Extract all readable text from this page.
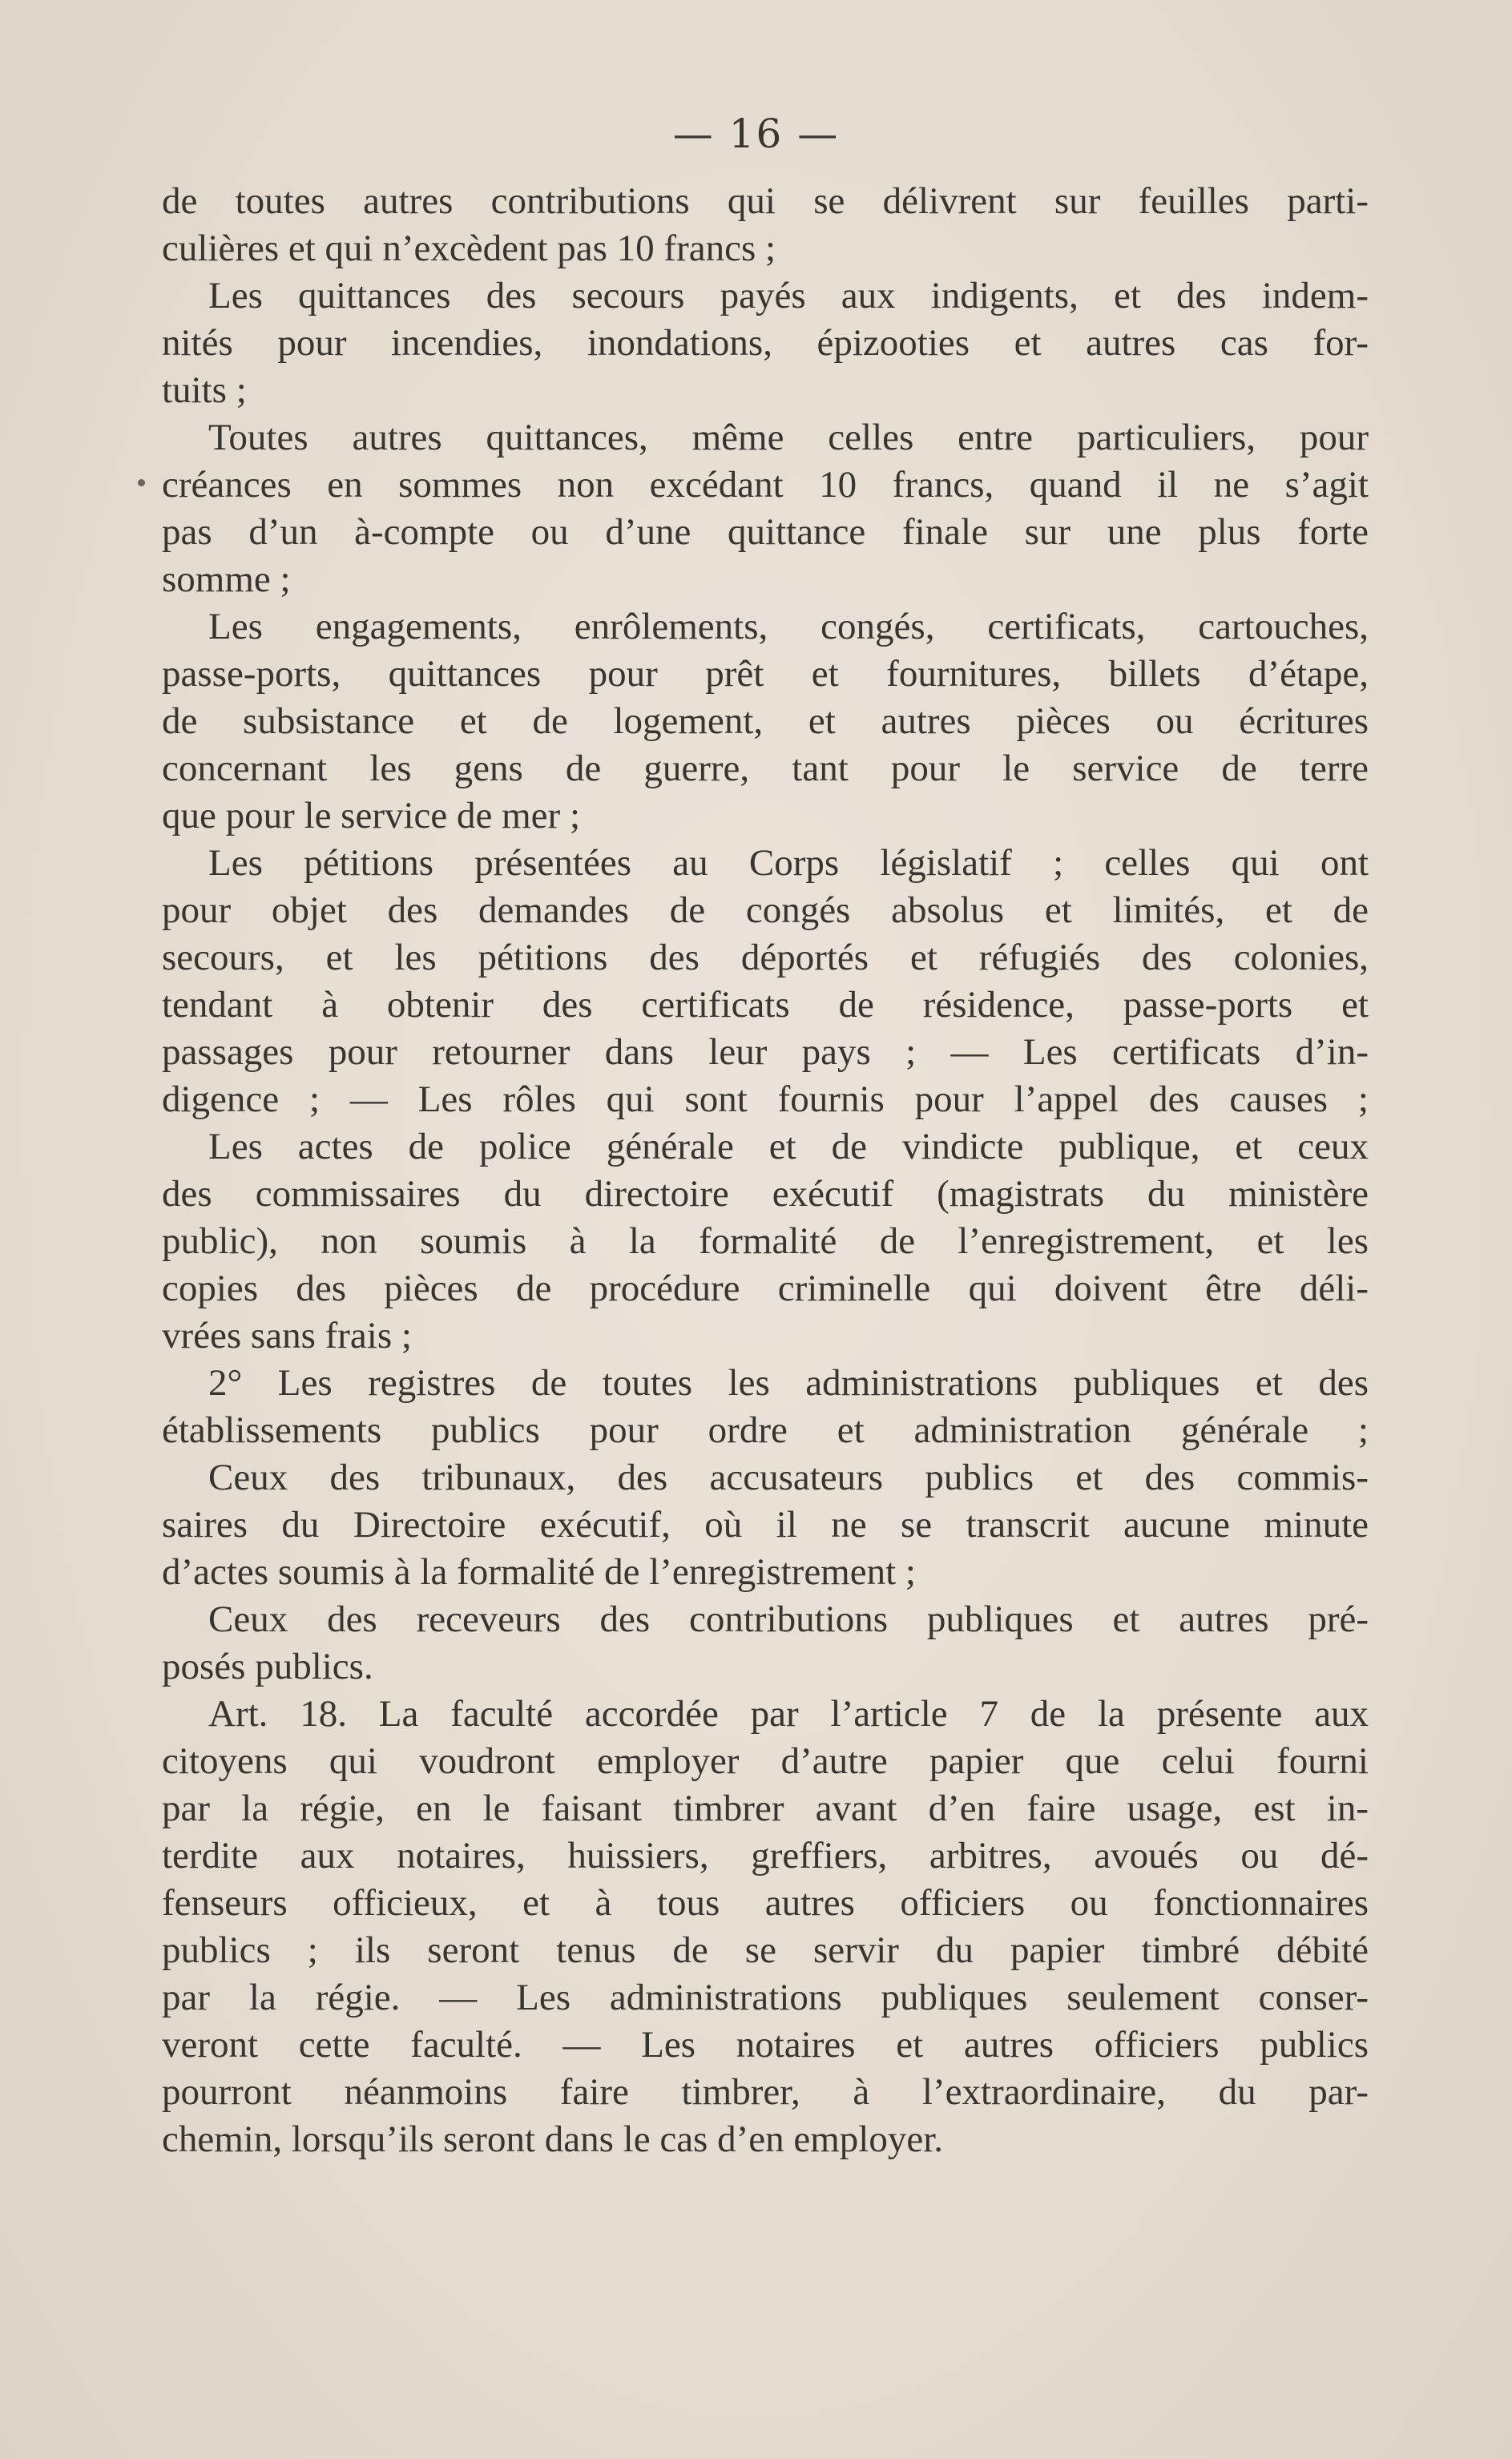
— 16 —
de toutes autres contributions qui se délivrent sur feuilles parti-
culières et qui n’excèdent pas 10 francs ;
Les quittances des secours payés aux indigents, et des indem-
nités pour incendies, inondations, épizooties et autres cas for-
tuits ;
Toutes autres quittances, même celles entre particuliers, pour
créances en sommes non excédant 10 francs, quand il ne s’agit
pas d’un à-compte ou d’une quittance finale sur une plus forte
somme ;
Les engagements, enrôlements, congés, certificats, cartouches,
passe-ports, quittances pour prêt et fournitures, billets d’étape,
de subsistance et de logement, et autres pièces ou écritures
concernant les gens de guerre, tant pour le service de terre
que pour le service de mer ;
Les pétitions présentées au Corps législatif ; celles qui ont
pour objet des demandes de congés absolus et limités, et de
secours, et les pétitions des déportés et réfugiés des colonies,
tendant à obtenir des certificats de résidence, passe-ports et
passages pour retourner dans leur pays ; — Les certificats d’in-
digence ; — Les rôles qui sont fournis pour l’appel des causes ;
Les actes de police générale et de vindicte publique, et ceux
des commissaires du directoire exécutif (magistrats du ministère
public), non soumis à la formalité de l’enregistrement, et les
copies des pièces de procédure criminelle qui doivent être déli-
vrées sans frais ;
2° Les registres de toutes les administrations publiques et des
établissements publics pour ordre et administration générale ;
Ceux des tribunaux, des accusateurs publics et des commis-
saires du Directoire exécutif, où il ne se transcrit aucune minute
d’actes soumis à la formalité de l’enregistrement ;
Ceux des receveurs des contributions publiques et autres pré-
posés publics.
Art. 18. La faculté accordée par l’article 7 de la présente aux
citoyens qui voudront employer d’autre papier que celui fourni
par la régie, en le faisant timbrer avant d’en faire usage, est in-
terdite aux notaires, huissiers, greffiers, arbitres, avoués ou dé-
fenseurs officieux, et à tous autres officiers ou fonctionnaires
publics ; ils seront tenus de se servir du papier timbré débité
par la régie. — Les administrations publiques seulement conser-
veront cette faculté. — Les notaires et autres officiers publics
pourront néanmoins faire timbrer, à l’extraordinaire, du par-
chemin, lorsqu’ils seront dans le cas d’en employer.
